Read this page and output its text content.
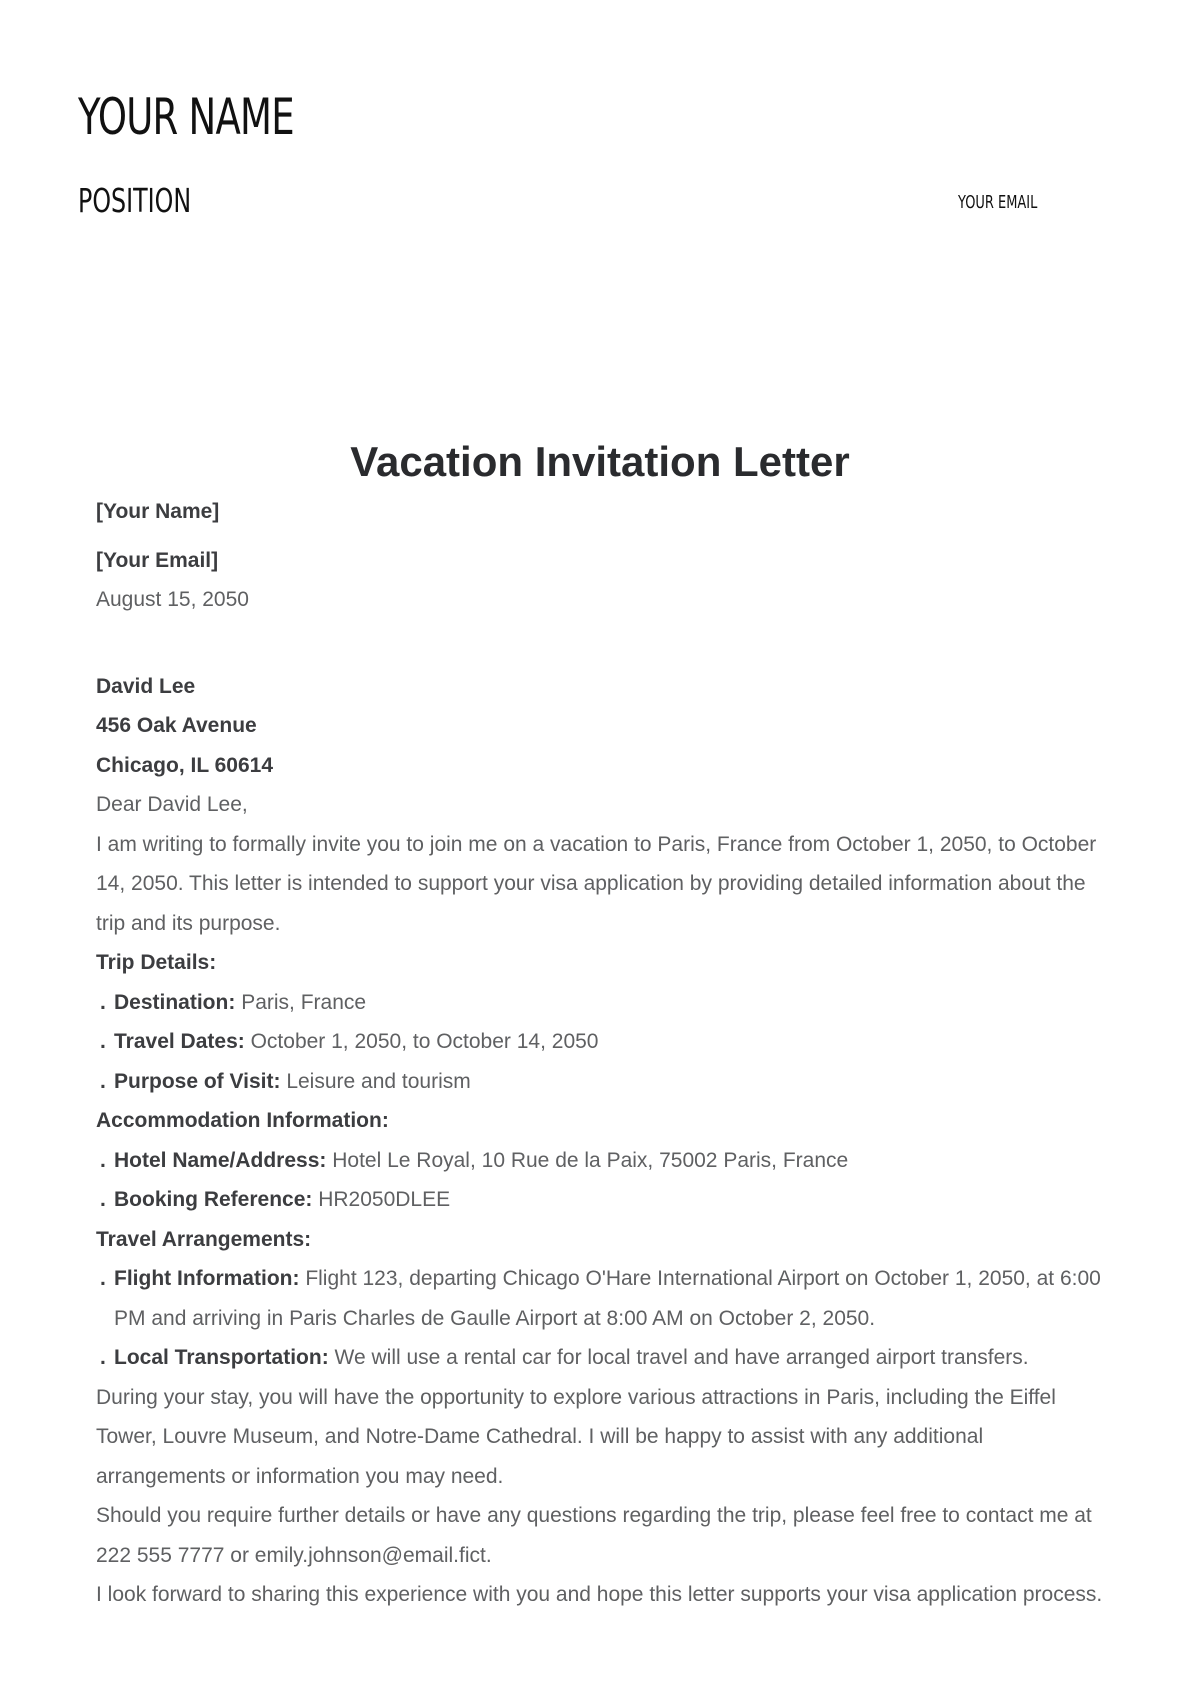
YOUR NAME

POSITION	YOUR EMAIL

Vacation Invitation Letter

[Your Name]

[Your Email]

August 15, 2050

David Lee

456 Oak Avenue

Chicago, IL 60614

Dear David Lee,

I am writing to formally invite you to join me on a vacation to Paris, France from October 1, 2050, to October 14, 2050. This letter is intended to support your visa application by providing detailed information about the trip and its purpose.

Trip Details:

. Destination: Paris, France
. Travel Dates: October 1, 2050, to October 14, 2050
. Purpose of Visit: Leisure and tourism

Accommodation Information:

. Hotel Name/Address: Hotel Le Royal, 10 Rue de la Paix, 75002 Paris, France
. Booking Reference: HR2050DLEE

Travel Arrangements:

. Flight Information: Flight 123, departing Chicago O'Hare International Airport on October 1, 2050, at 6:00 PM and arriving in Paris Charles de Gaulle Airport at 8:00 AM on October 2, 2050.
. Local Transportation: We will use a rental car for local travel and have arranged airport transfers.

During your stay, you will have the opportunity to explore various attractions in Paris, including the Eiffel Tower, Louvre Museum, and Notre-Dame Cathedral. I will be happy to assist with any additional arrangements or information you may need.

Should you require further details or have any questions regarding the trip, please feel free to contact me at 222 555 7777 or emily.johnson@email.fict.

I look forward to sharing this experience with you and hope this letter supports your visa application process.
